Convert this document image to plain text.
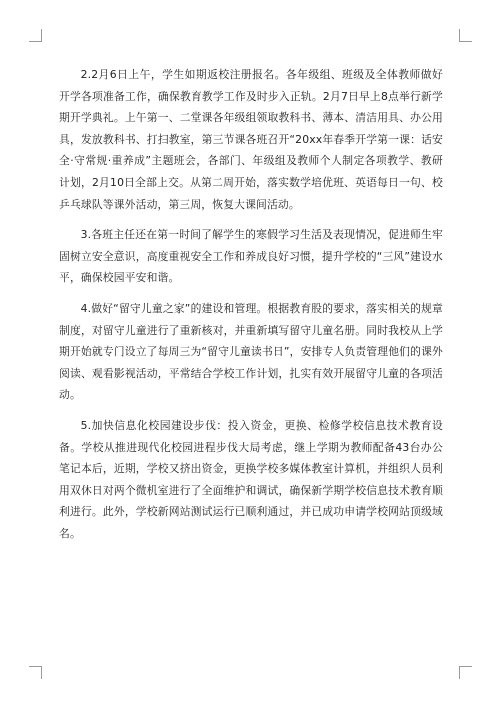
2.2月6日上午，学生如期返校注册报名。各年级组、班级及全体教师做好开学各项准备工作，确保教育教学工作及时步入正轨。2月7日早上8点举行新学期开学典礼。上午第一、二堂课各年级组领取教科书、薄本、清洁用具、办公用具，发放教科书、打扫教室，第三节课各班召开“20xx年春季开学第一课：话安全·守常规·重养成”主题班会，各部门、年级组及教师个人制定各项教学、教研计划，2月10日全部上交。从第二周开始，落实数学培优班、英语每日一句、校乒乓球队等课外活动，第三周，恢复大课间活动。

3.各班主任还在第一时间了解学生的寒假学习生活及表现情况，促进师生牢固树立安全意识，高度重视安全工作和养成良好习惯，提升学校的“三风”建设水平，确保校园平安和谐。

4.做好“留守儿童之家”的建设和管理。根据教育股的要求，落实相关的规章制度，对留守儿童进行了重新核对，并重新填写留守儿童名册。同时我校从上学期开始就专门设立了每周三为“留守儿童读书日”，安排专人负责管理他们的课外阅读、观看影视活动，平常结合学校工作计划，扎实有效开展留守儿童的各项活动。

5.加快信息化校园建设步伐：投入资金，更换、检修学校信息技术教育设备。学校从推进现代化校园进程步伐大局考虑，继上学期为教师配备43台办公笔记本后，近期，学校又挤出资金，更换学校多媒体教室计算机，并组织人员利用双休日对两个微机室进行了全面维护和调试，确保新学期学校信息技术教育顺利进行。此外，学校新网站测试运行已顺利通过，并已成功申请学校网站顶级域名。
